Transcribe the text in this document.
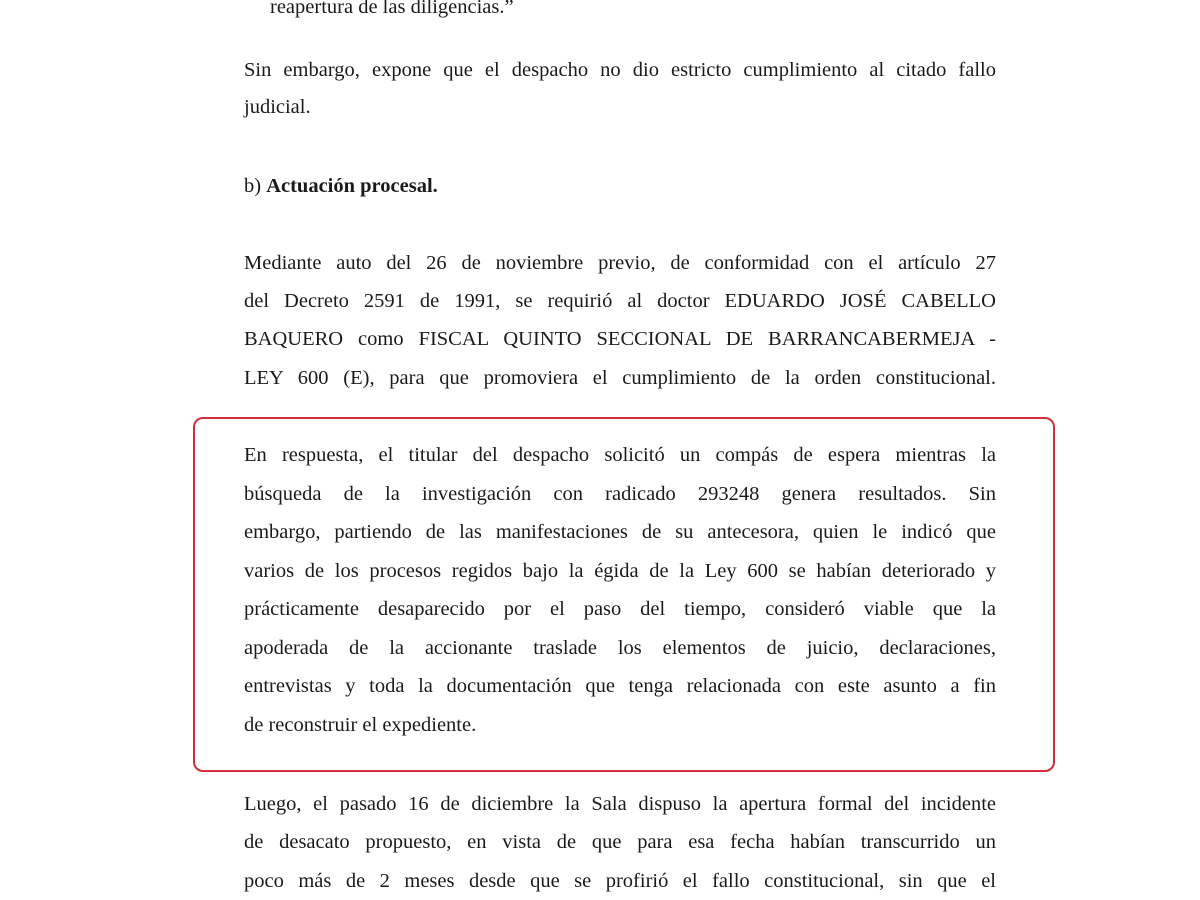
reapertura de las diligencias.”
Sin embargo, expone que el despacho no dio estricto cumplimiento al citado fallo
judicial.
b) Actuación procesal.
Mediante auto del 26 de noviembre previo, de conformidad con el artículo 27
del Decreto 2591 de 1991, se requirió al doctor EDUARDO JOSÉ CABELLO
BAQUERO como FISCAL QUINTO SECCIONAL DE BARRANCABERMEJA -
LEY 600 (E), para que promoviera el cumplimiento de la orden constitucional.
En respuesta, el titular del despacho solicitó un compás de espera mientras la
búsqueda de la investigación con radicado 293248 genera resultados. Sin
embargo, partiendo de las manifestaciones de su antecesora, quien le indicó que
varios de los procesos regidos bajo la égida de la Ley 600 se habían deteriorado y
prácticamente desaparecido por el paso del tiempo, consideró viable que la
apoderada de la accionante traslade los elementos de juicio, declaraciones,
entrevistas y toda la documentación que tenga relacionada con este asunto a fin
de reconstruir el expediente.
Luego, el pasado 16 de diciembre la Sala dispuso la apertura formal del incidente
de desacato propuesto, en vista de que para esa fecha habían transcurrido un
poco más de 2 meses desde que se profirió el fallo constitucional, sin que el
